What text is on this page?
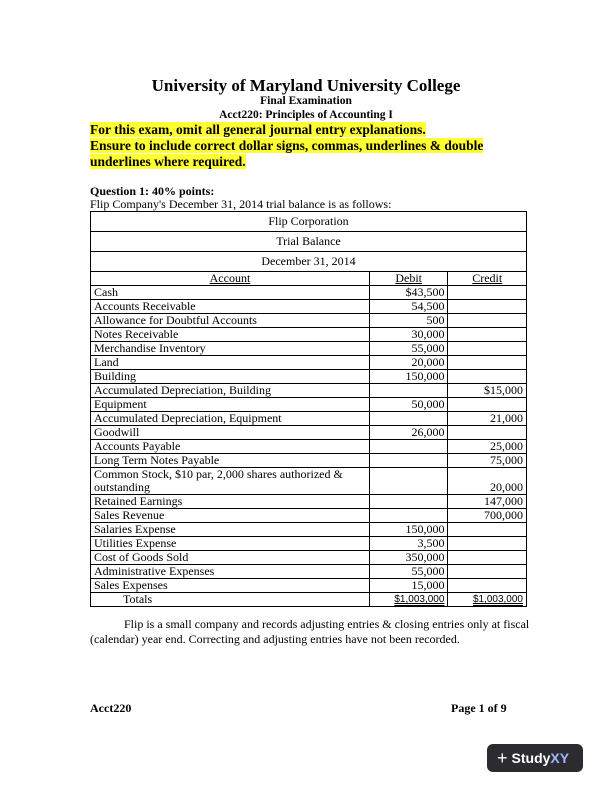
University of Maryland University College
Final Examination
Acct220: Principles of Accounting I
For this exam, omit all general journal entry explanations.
Ensure to include correct dollar signs, commas, underlines & double
underlines where required.
Question 1: 40% points:
Flip Company's December 31, 2014 trial balance is as follows:
Flip Corporation		
Trial Balance		
December 31, 2014		
Account	Debit	Credit
Cash	$43,500	
Accounts Receivable	54,500	
Allowance for Doubtful Accounts	500	
Notes Receivable	30,000	
Merchandise Inventory	55,000	
Land	20,000	
Building	150,000	
Accumulated Depreciation, Building		$15,000
Equipment	50,000	
Accumulated Depreciation, Equipment		21,000
Goodwill	26,000	
Accounts Payable		25,000
Long Term Notes Payable		75,000
Common Stock, $10 par, 2,000 shares authorized & outstanding		20,000
Retained Earnings		147,000
Sales Revenue		700,000
Salaries Expense	150,000	
Utilities Expense	3,500	
Cost of Goods Sold	350,000	
Administrative Expenses	55,000	
Sales Expenses	15,000	
Totals	$1,003,000	$1,003,000
Flip is a small company and records adjusting entries & closing entries only at fiscal (calendar) year end. Correcting and adjusting entries have not been recorded.
Acct220	Page 1 of 9
+ Study XY
